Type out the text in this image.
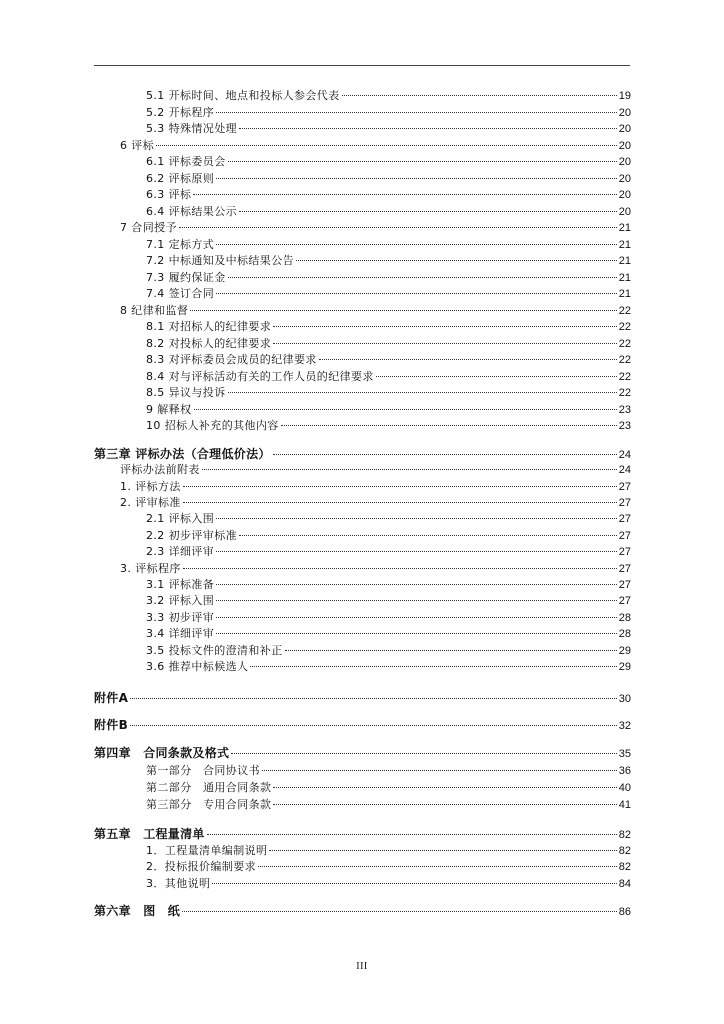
5.1 开标时间、地点和投标人参会代表	19
5.2 开标程序	20
5.3 特殊情况处理	20
6 评标	20
6.1 评标委员会	20
6.2 评标原则	20
6.3 评标	20
6.4 评标结果公示	20
7 合同授予	21
7.1 定标方式	21
7.2 中标通知及中标结果公告	21
7.3 履约保证金	21
7.4 签订合同	21
8 纪律和监督	22
8.1 对招标人的纪律要求	22
8.2 对投标人的纪律要求	22
8.3 对评标委员会成员的纪律要求	22
8.4 对与评标活动有关的工作人员的纪律要求	22
8.5 异议与投诉	22
9 解释权	23
10 招标人补充的其他内容	23
第三章 评标办法（合理低价法）	24
评标办法前附表	24
1. 评标方法	27
2. 评审标准	27
2.1 评标入围	27
2.2 初步评审标准	27
2.3 详细评审	27
3. 评标程序	27
3.1 评标准备	27
3.2 评标入围	27
3.3 初步评审	28
3.4 详细评审	28
3.5 投标文件的澄清和补正	29
3.6 推荐中标候选人	29
附件A	30
附件B	32
第四章　合同条款及格式	35
第一部分　合同协议书	36
第二部分　通用合同条款	40
第三部分　专用合同条款	41
第五章　工程量清单	82
1．工程量清单编制说明	82
2．投标报价编制要求	82
3．其他说明	84
第六章　图　纸	86
III
